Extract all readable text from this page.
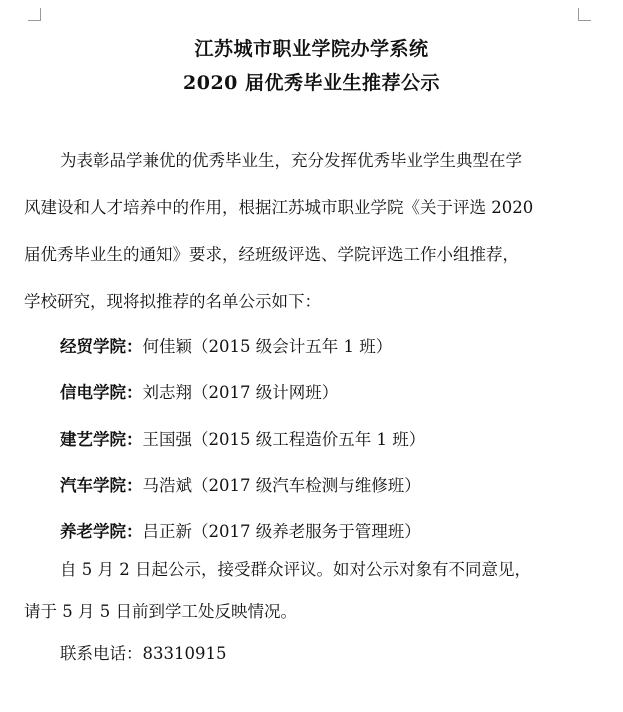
江苏城市职业学院办学系统
2020 届优秀毕业生推荐公示
为表彰品学兼优的优秀毕业生，充分发挥优秀毕业学生典型在学
风建设和人才培养中的作用，根据江苏城市职业学院《关于评选 2020
届优秀毕业生的通知》要求，经班级评选、学院评选工作小组推荐，
学校研究，现将拟推荐的名单公示如下：
经贸学院：何佳颖（2015 级会计五年 1 班）
信电学院：刘志翔（2017 级计网班）
建艺学院：王国强（2015 级工程造价五年 1 班）
汽车学院：马浩斌（2017 级汽车检测与维修班）
养老学院：吕正新（2017 级养老服务于管理班）
自 5 月 2 日起公示，接受群众评议。如对公示对象有不同意见，
请于 5 月 5 日前到学工处反映情况。
联系电话：83310915
